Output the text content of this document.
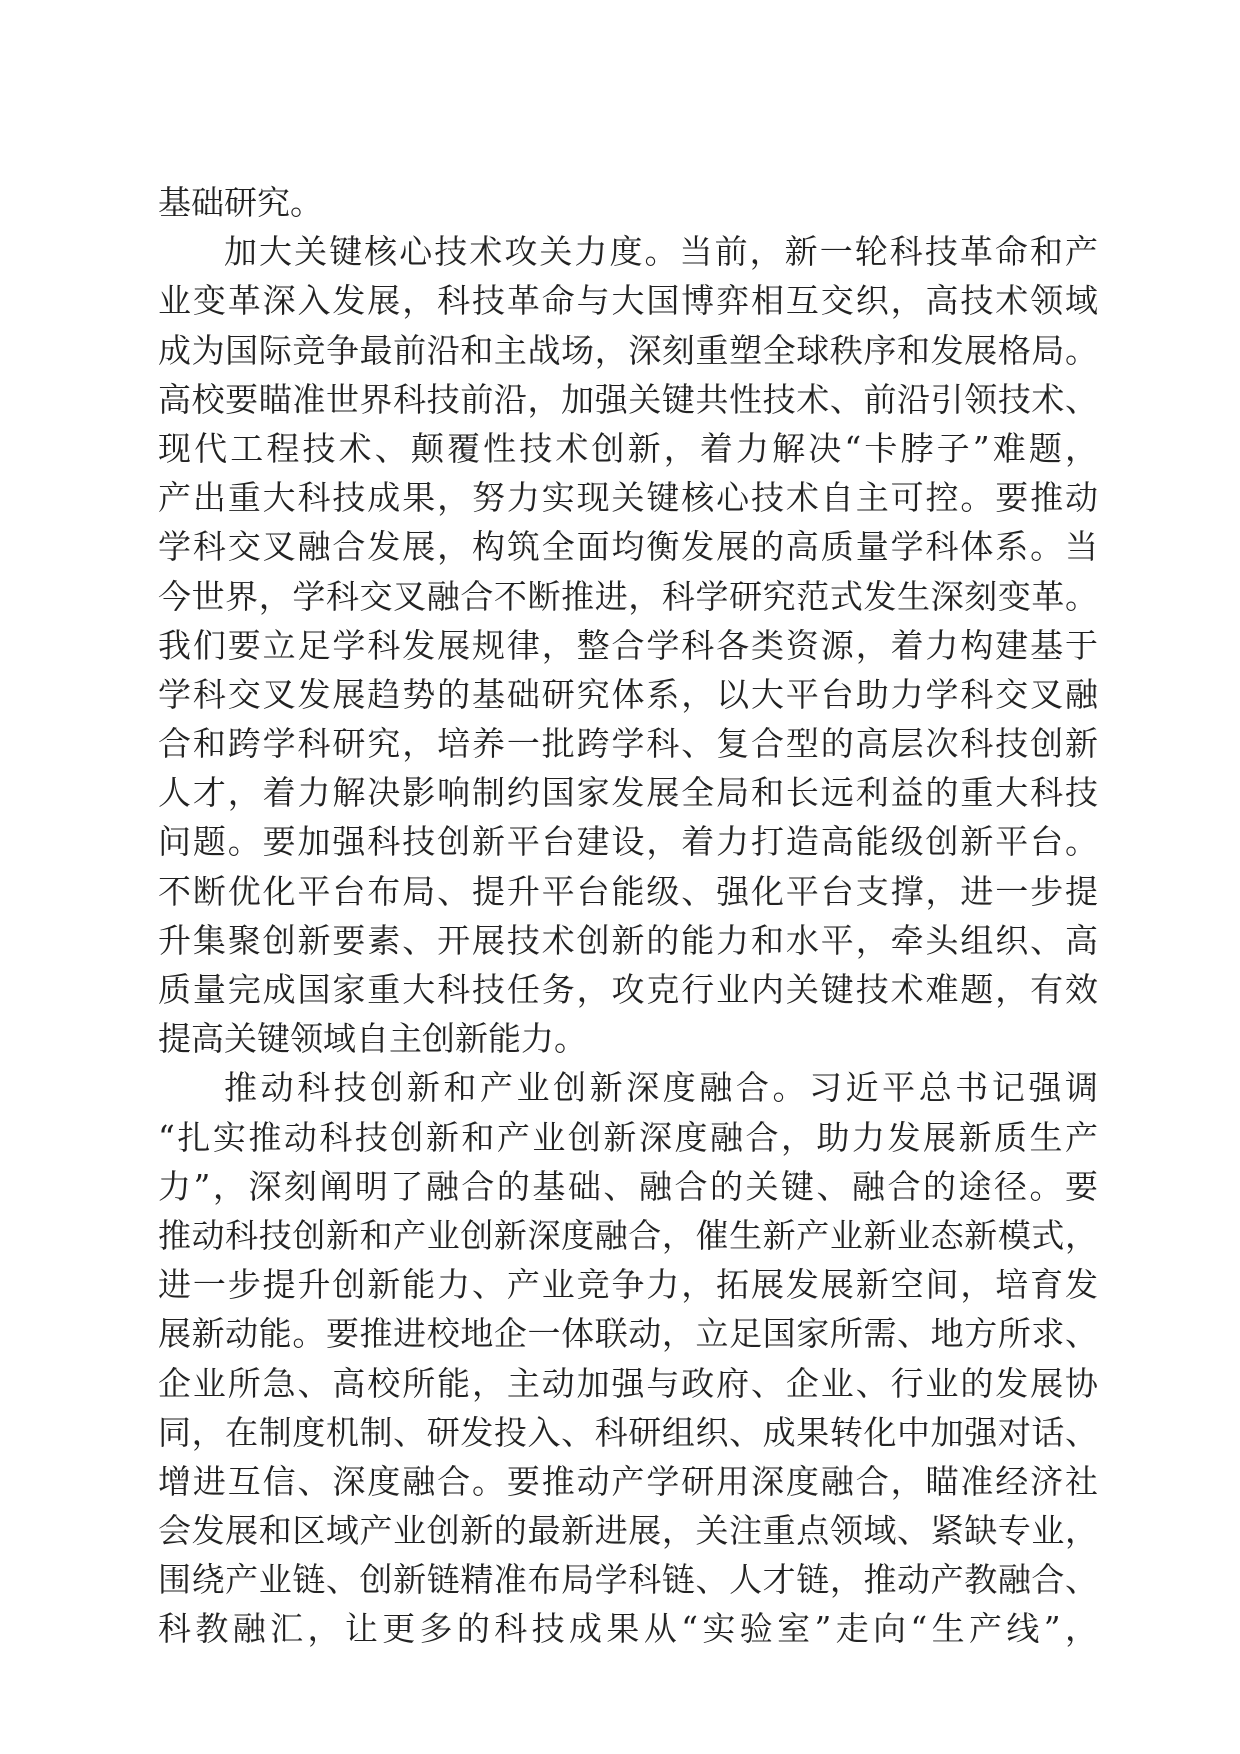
基础研究。
加大关键核心技术攻关力度。当前，新一轮科技革命和产
业变革深入发展，科技革命与大国博弈相互交织，高技术领域
成为国际竞争最前沿和主战场，深刻重塑全球秩序和发展格局。
高校要瞄准世界科技前沿，加强关键共性技术、前沿引领技术、
现代工程技术、颠覆性技术创新，着力解决“卡脖子”难题，
产出重大科技成果，努力实现关键核心技术自主可控。要推动
学科交叉融合发展，构筑全面均衡发展的高质量学科体系。当
今世界，学科交叉融合不断推进，科学研究范式发生深刻变革。
我们要立足学科发展规律，整合学科各类资源，着力构建基于
学科交叉发展趋势的基础研究体系，以大平台助力学科交叉融
合和跨学科研究，培养一批跨学科、复合型的高层次科技创新
人才，着力解决影响制约国家发展全局和长远利益的重大科技
问题。要加强科技创新平台建设，着力打造高能级创新平台。
不断优化平台布局、提升平台能级、强化平台支撑，进一步提
升集聚创新要素、开展技术创新的能力和水平，牵头组织、高
质量完成国家重大科技任务，攻克行业内关键技术难题，有效
提高关键领域自主创新能力。
推动科技创新和产业创新深度融合。习近平总书记强调
“扎实推动科技创新和产业创新深度融合，助力发展新质生产
力”，深刻阐明了融合的基础、融合的关键、融合的途径。要
推动科技创新和产业创新深度融合，催生新产业新业态新模式，
进一步提升创新能力、产业竞争力，拓展发展新空间，培育发
展新动能。要推进校地企一体联动，立足国家所需、地方所求、
企业所急、高校所能，主动加强与政府、企业、行业的发展协
同，在制度机制、研发投入、科研组织、成果转化中加强对话、
增进互信、深度融合。要推动产学研用深度融合，瞄准经济社
会发展和区域产业创新的最新进展，关注重点领域、紧缺专业，
围绕产业链、创新链精准布局学科链、人才链，推动产教融合、
科教融汇，让更多的科技成果从“实验室”走向“生产线”，
